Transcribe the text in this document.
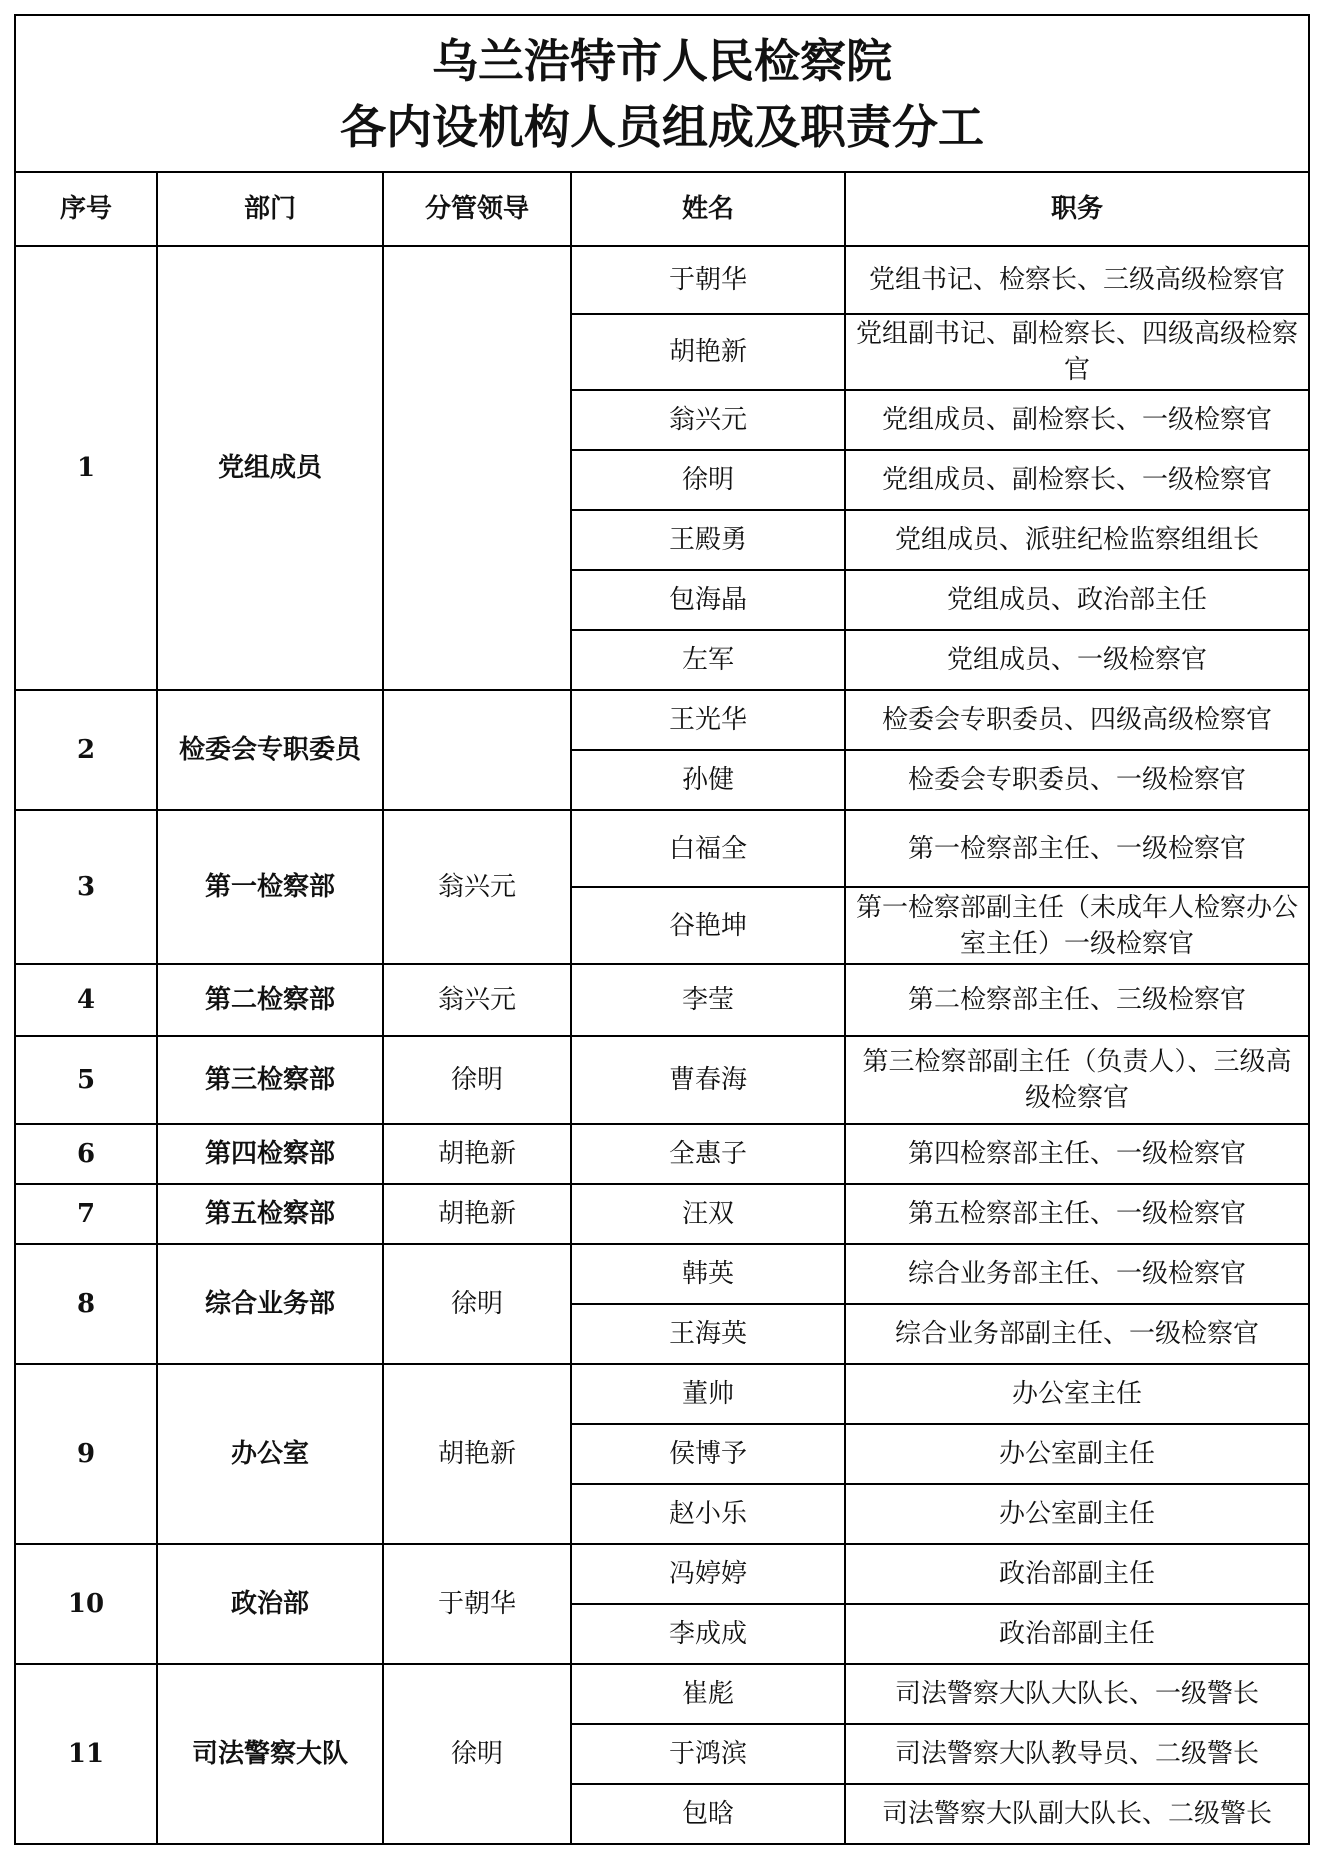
乌兰浩特市人民检察院
各内设机构人员组成及职责分工				

序号	部门	分管领导	姓名	职务
1	党组成员		于朝华	党组书记、检察长、三级高级检察官
			胡艳新	党组副书记、副检察长、四级高级检察官
			翁兴元	党组成员、副检察长、一级检察官
			徐明	党组成员、副检察长、一级检察官
			王殿勇	党组成员、派驻纪检监察组组长
			包海晶	党组成员、政治部主任
			左军	党组成员、一级检察官
2	检委会专职委员		王光华	检委会专职委员、四级高级检察官
			孙健	检委会专职委员、一级检察官
3	第一检察部	翁兴元	白福全	第一检察部主任、一级检察官
			谷艳坤	第一检察部副主任（未成年人检察办公室主任）一级检察官
4	第二检察部	翁兴元	李莹	第二检察部主任、三级检察官
5	第三检察部	徐明	曹春海	第三检察部副主任（负责人）、三级高级检察官
6	第四检察部	胡艳新	全惠子	第四检察部主任、一级检察官
7	第五检察部	胡艳新	汪双	第五检察部主任、一级检察官
8	综合业务部	徐明	韩英	综合业务部主任、一级检察官
			王海英	综合业务部副主任、一级检察官
9	办公室	胡艳新	董帅	办公室主任
			侯博予	办公室副主任
			赵小乐	办公室副主任
10	政治部	于朝华	冯婷婷	政治部副主任
			李成成	政治部副主任
11	司法警察大队	徐明	崔彪	司法警察大队大队长、一级警长
			于鸿滨	司法警察大队教导员、二级警长
			包晗	司法警察大队副大队长、二级警长
